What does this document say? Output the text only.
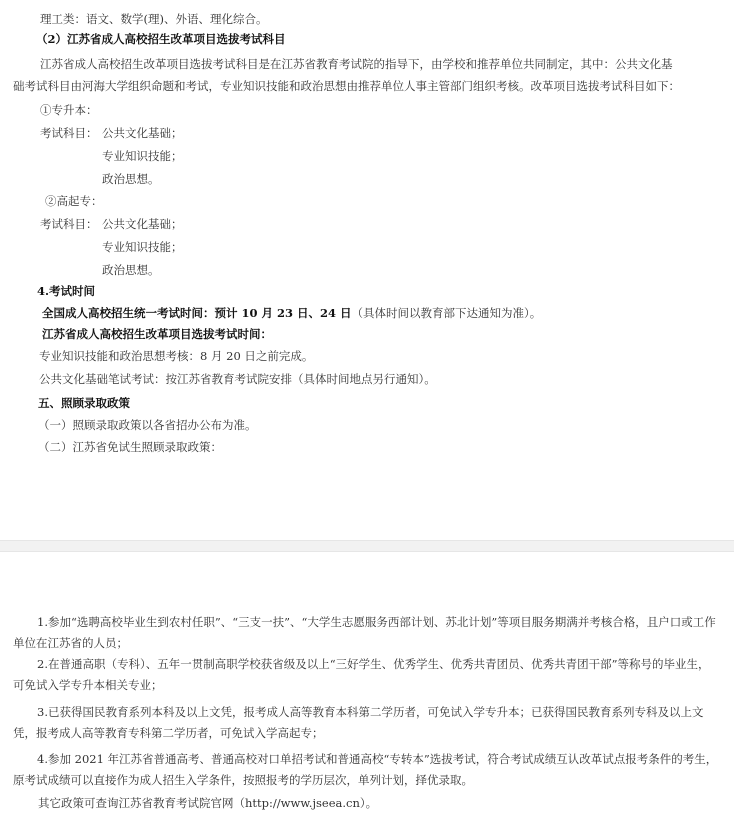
理工类：语文、数学(理)、外语、理化综合。
（2）江苏省成人高校招生改革项目选拔考试科目
江苏省成人高校招生改革项目选拔考试科目是在江苏省教育考试院的指导下，由学校和推荐单位共同制定，其中：公共文化基
础考试科目由河海大学组织命题和考试，专业知识技能和政治思想由推荐单位人事主管部门组织考核。改革项目选拔考试科目如下：
①专升本：
考试科目： 公共文化基础；
专业知识技能；
政治思想。
②高起专：
考试科目： 公共文化基础；
专业知识技能；
政治思想。
4.考试时间
全国成人高校招生统一考试时间：预计 10 月 23 日、24 日（具体时间以教育部下达通知为准）。
江苏省成人高校招生改革项目选拔考试时间：
专业知识技能和政治思想考核：8 月 20 日之前完成。
公共文化基础笔试考试：按江苏省教育考试院安排（具体时间地点另行通知）。
五、照顾录取政策
（一）照顾录取政策以各省招办公布为准。
（二）江苏省免试生照顾录取政策：
1.参加“选聘高校毕业生到农村任职”、“三支一扶”、“大学生志愿服务西部计划、苏北计划”等项目服务期满并考核合格，且户口或工作单位在江苏省的人员；
2.在普通高职（专科）、五年一贯制高职学校获省级及以上“三好学生、优秀学生、优秀共青团员、优秀共青团干部”等称号的毕业生，可免试入学专升本相关专业；
3.已获得国民教育系列本科及以上文凭，报考成人高等教育本科第二学历者，可免试入学专升本；已获得国民教育系列专科及以上文凭，报考成人高等教育专科第二学历者，可免试入学高起专；
4.参加 2021 年江苏省普通高考、普通高校对口单招考试和普通高校“专转本”选拔考试，符合考试成绩互认改革试点报考条件的考生，原考试成绩可以直接作为成人招生入学条件，按照报考的学历层次，单列计划，择优录取。
其它政策可查询江苏省教育考试院官网（http://www.jseea.cn）。
